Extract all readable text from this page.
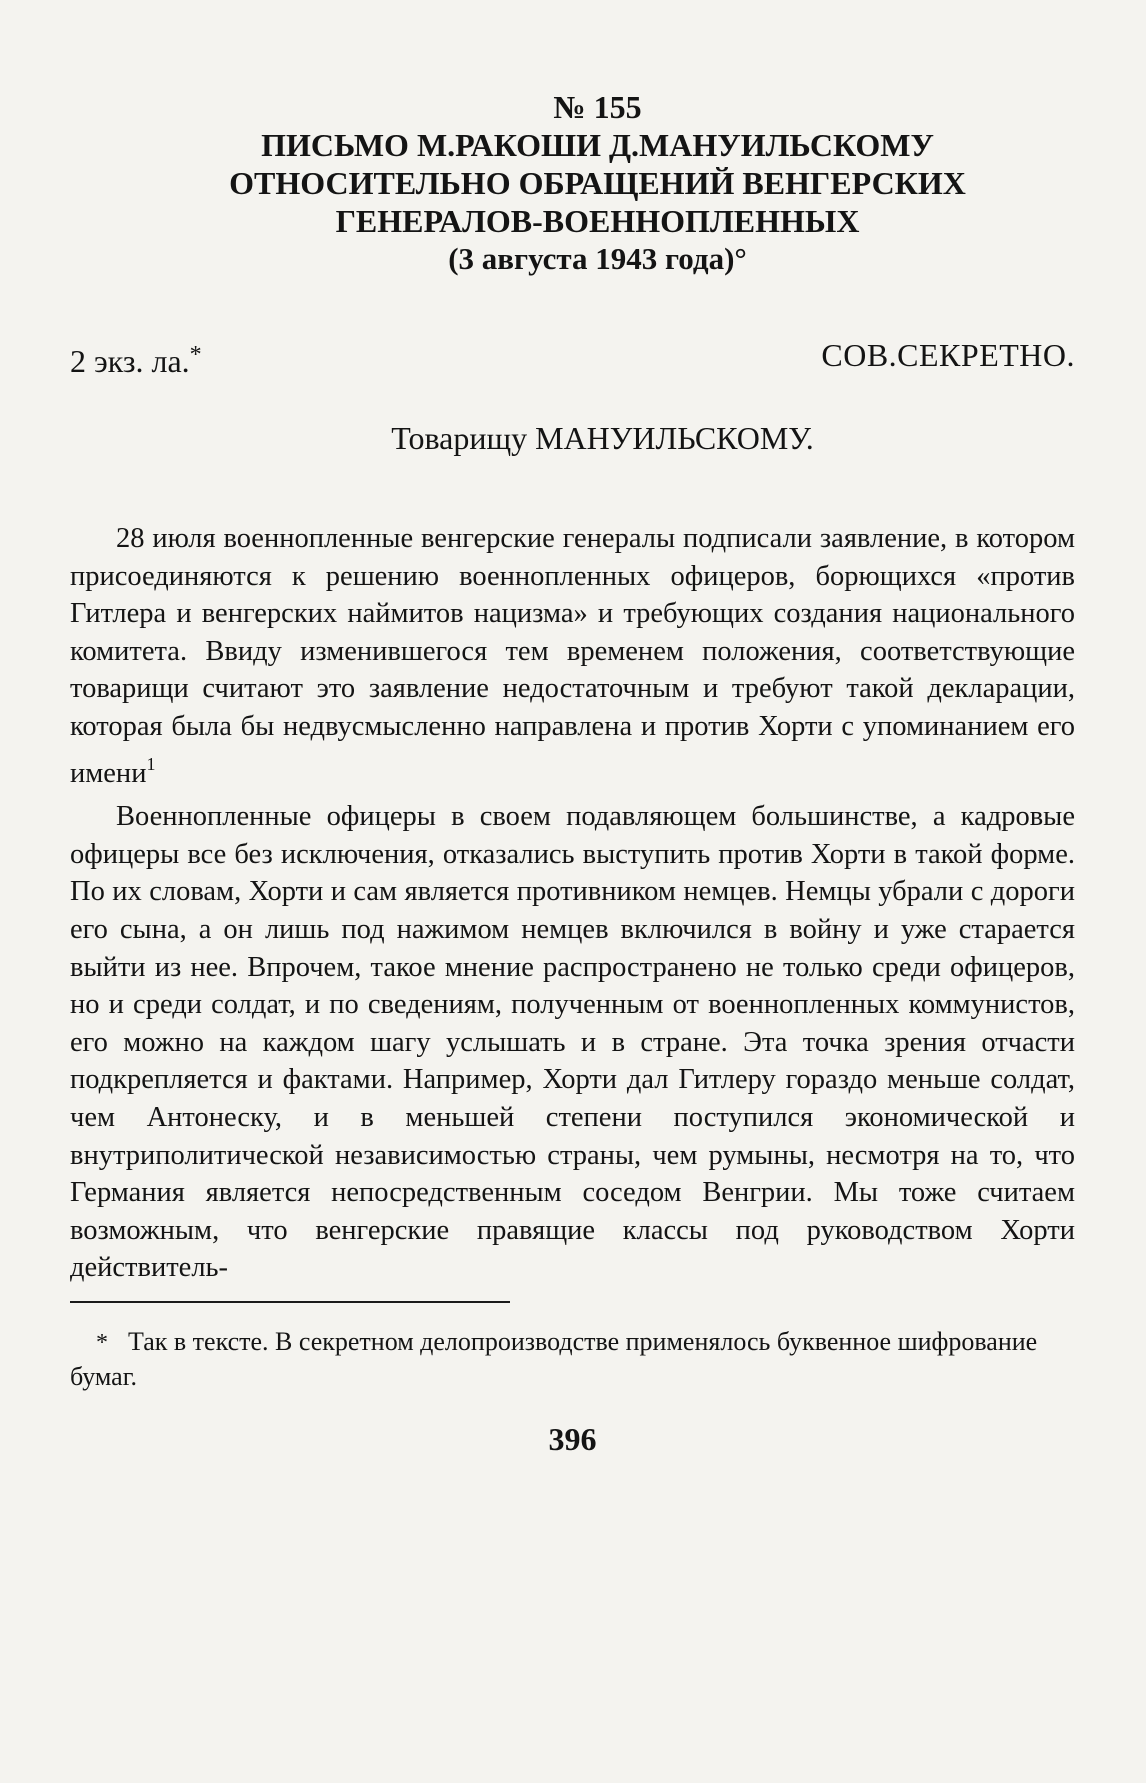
№ 155
ПИСЬМО М.РАКОШИ Д.МАНУИЛЬСКОМУ
ОТНОСИТЕЛЬНО ОБРАЩЕНИЙ ВЕНГЕРСКИХ
ГЕНЕРАЛОВ-ВОЕННОПЛЕННЫХ
(3 августа 1943 года)°
2 экз. ла.*	СОВ.СЕКРЕТНО.
Товарищу МАНУИЛЬСКОМУ.

28 июля военнопленные венгерские генералы подписали заявление, в котором присоединяются к решению военнопленных офицеров, борющихся «против Гитлера и венгерских наймитов нацизма» и требующих создания национального комитета. Ввиду изменившегося тем временем положения, соответствующие товарищи считают это заявление недостаточным и требуют такой декларации, которая была бы недвусмысленно направлена и против Хорти с упоминанием его имени$^1$

Военнопленные офицеры в своем подавляющем большинстве, а кадровые офицеры все без исключения, отказались выступить против Хорти в такой форме. По их словам, Хорти и сам является противником немцев. Немцы убрали с дороги его сына, а он лишь под нажимом немцев включился в войну и уже старается выйти из нее. Впрочем, такое мнение распространено не только среди офицеров, но и среди солдат, и по сведениям, полученным от военнопленных коммунистов, его можно на каждом шагу услышать и в стране. Эта точка зрения отчасти подкрепляется и фактами. Например, Хорти дал Гитлеру гораздо меньше солдат, чем Антонеску, и в меньшей степени поступился экономической и внутриполитической независимостью страны, чем румыны, несмотря на то, что Германия является непосредственным соседом Венгрии. Мы тоже считаем возможным, что венгерские правящие классы под руководством Хорти действитель-

* Так в тексте. В секретном делопроизводстве применялось буквенное шифрование бумаг.
396
